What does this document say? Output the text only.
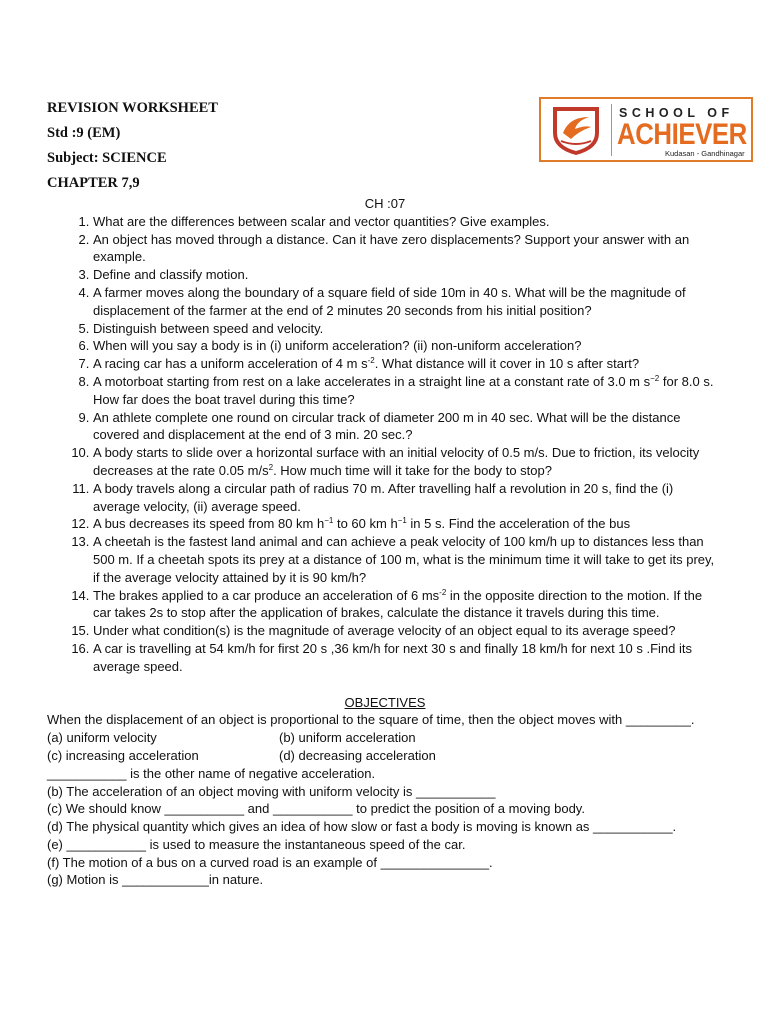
REVISION WORKSHEET
Std :9 (EM)
Subject: SCIENCE
CHAPTER 7,9
SCHOOL OF
ACHIEVER
Kudasan - Gandhinagar
CH :07
1. What are the differences between scalar and vector quantities? Give examples.
2. An object has moved through a distance. Can it have zero displacements? Support your answer with an example.
3. Define and classify motion.
4. A farmer moves along the boundary of a square field of side 10m in 40 s. What will be the magnitude of displacement of the farmer at the end of 2 minutes 20 seconds from his initial position?
5. Distinguish between speed and velocity.
6. When will you say a body is in (i) uniform acceleration? (ii) non-uniform acceleration?
7. A racing car has a uniform acceleration of 4 m $s^{-2}$. What distance will it cover in 10 s after start?
8. A motorboat starting from rest on a lake accelerates in a straight line at a constant rate of 3.0 m $s^{-2}$ for 8.0 s. How far does the boat travel during this time?
9. An athlete complete one round on circular track of diameter 200 m in 40 sec. What will be the distance covered and displacement at the end of 3 min. 20 sec.?
10. A body starts to slide over a horizontal surface with an initial velocity of 0.5 m/s. Due to friction, its velocity decreases at the rate 0.05 $m/s^2$. How much time will it take for the body to stop?
11. A body travels along a circular path of radius 70 m. After travelling half a revolution in 20 s, find the (i) average velocity, (ii) average speed.
12. A bus decreases its speed from 80 km $h^{-1}$ to 60 km $h^{-1}$ in 5 s. Find the acceleration of the bus
13. A cheetah is the fastest land animal and can achieve a peak velocity of 100 km/h up to distances less than 500 m. If a cheetah spots its prey at a distance of 100 m, what is the minimum time it will take to get its prey, if the average velocity attained by it is 90 km/h?
14. The brakes applied to a car produce an acceleration of 6 $ms^{-2}$ in the opposite direction to the motion. If the car takes 2s to stop after the application of brakes, calculate the distance it travels during this time.
15. Under what condition(s) is the magnitude of average velocity of an object equal to its average speed?
16. A car is travelling at 54 km/h for first 20 s ,36 km/h for next 30 s and finally 18 km/h for next 10 s .Find its average speed.
OBJECTIVES

When the displacement of an object is proportional to the square of time, then the object moves with _________.

(a) uniform velocity	(b) uniform acceleration
(c) increasing acceleration	(d) decreasing acceleration

___________ is the other name of negative acceleration.

(b) The acceleration of an object moving with uniform velocity is ___________

(c) We should know ___________ and ___________ to predict the position of a moving body.

(d) The physical quantity which gives an idea of how slow or fast a body is moving is known as ___________.

(e) ___________ is used to measure the instantaneous speed of the car.

(f) The motion of a bus on a curved road is an example of _______________.

(g) Motion is ____________in nature.
